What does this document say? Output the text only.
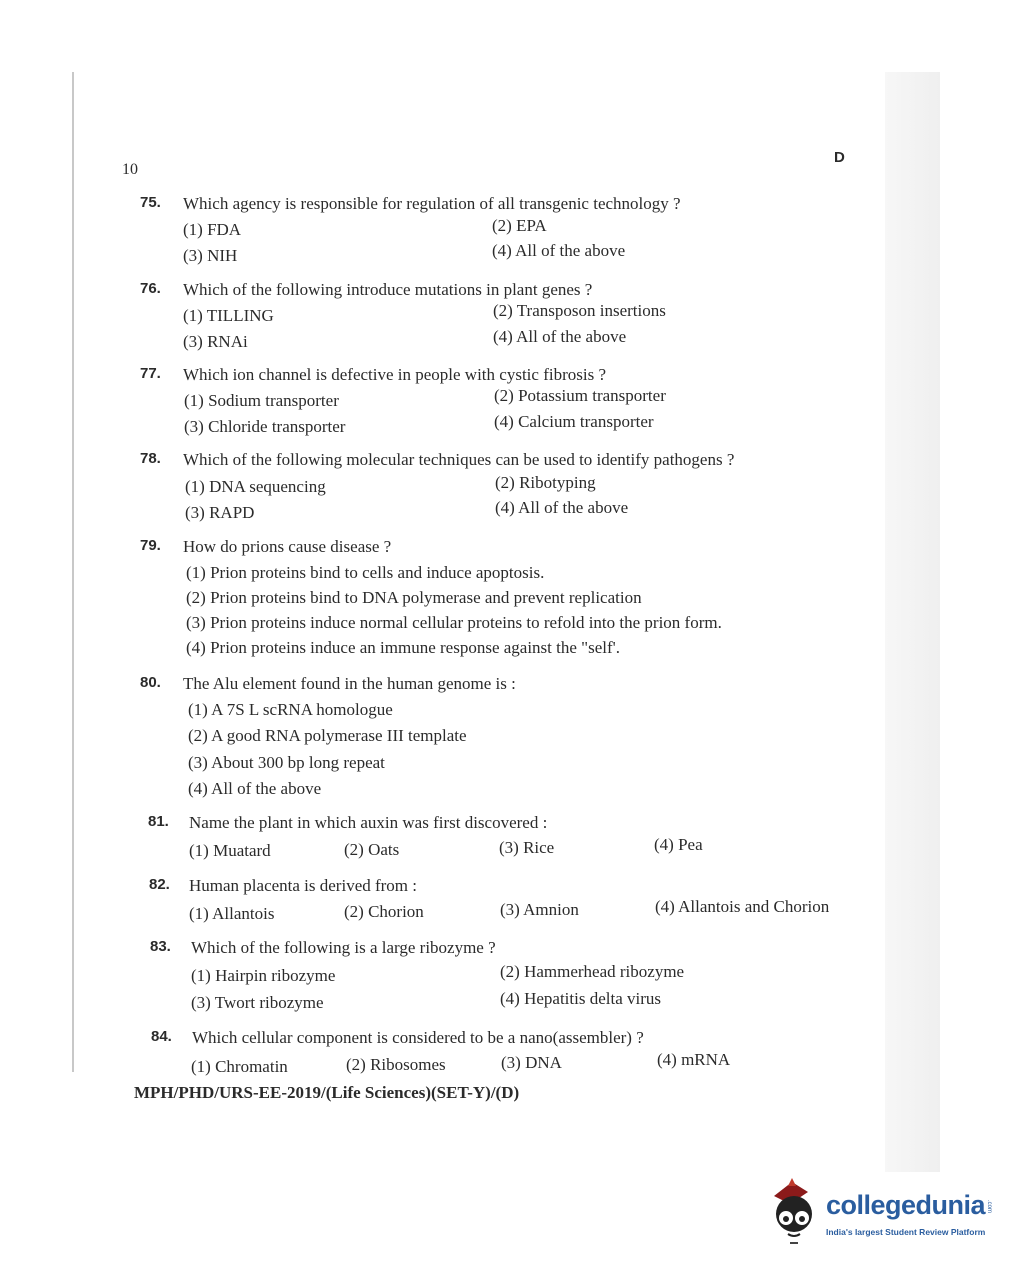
10
D
75. Which agency is responsible for regulation of all transgenic technology ?
(1) FDA	(2) EPA
(3) NIH	(4) All of the above
76. Which of the following introduce mutations in plant genes ?
(1) TILLING	(2) Transposon insertions
(3) RNAi	(4) All of the above
77. Which ion channel is defective in people with cystic fibrosis ?
(1) Sodium transporter	(2) Potassium transporter
(3) Chloride transporter	(4) Calcium transporter
78. Which of the following molecular techniques can be used to identify pathogens ?
(1) DNA sequencing	(2) Ribotyping
(3) RAPD	(4) All of the above
79. How do prions cause disease ?
(1) Prion proteins bind to cells and induce apoptosis.
(2) Prion proteins bind to DNA polymerase and prevent replication
(3) Prion proteins induce normal cellular proteins to refold into the prion form.
(4) Prion proteins induce an immune response against the "self'.
80. The Alu element found in the human genome is :
(1) A 7S L scRNA homologue
(2) A good RNA polymerase III template
(3) About 300 bp long repeat
(4) All of the above
81. Name the plant in which auxin was first discovered :
(1) Muatard	(2) Oats	(3) Rice	(4) Pea
82. Human placenta is derived from :
(1) Allantois	(2) Chorion	(3) Amnion	(4) Allantois and Chorion
83. Which of the following is a large ribozyme ?
(1) Hairpin ribozyme	(2) Hammerhead ribozyme
(3) Twort ribozyme	(4) Hepatitis delta virus
84. Which cellular component is considered to be a nano(assembler) ?
(1) Chromatin	(2) Ribosomes	(3) DNA	(4) mRNA
MPH/PHD/URS-EE-2019/(Life Sciences)(SET-Y)/(D)
collegedunia .com
India's largest Student Review Platform
